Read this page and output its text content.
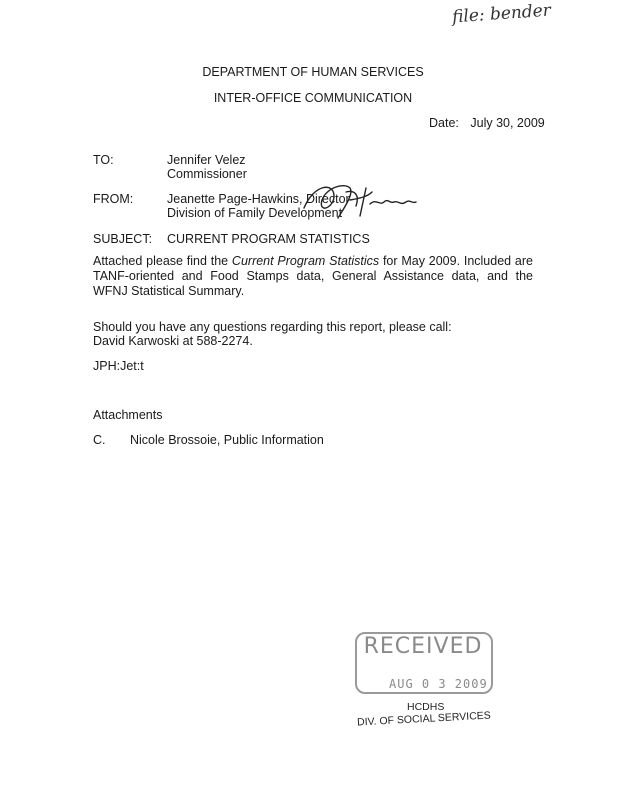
file: bender
DEPARTMENT OF HUMAN SERVICES
INTER-OFFICE COMMUNICATION
Date: July 30, 2009
TO:	Jennifer Velez
Commissioner
FROM:	Jeanette Page-Hawkins, Director
Division of Family Development
SUBJECT: CURRENT PROGRAM STATISTICS
Attached please find the Current Program Statistics for May 2009. Included are TANF-oriented and Food Stamps data, General Assistance data, and the WFNJ Statistical Summary.
Should you have any questions regarding this report, please call:
David Karwoski at 588-2274.
JPH:Jet:t
Attachments
C. Nicole Brossoie, Public Information
RECEIVED
AUG 0 3 2009
HCDHS
DIV. OF SOCIAL SERVICES
